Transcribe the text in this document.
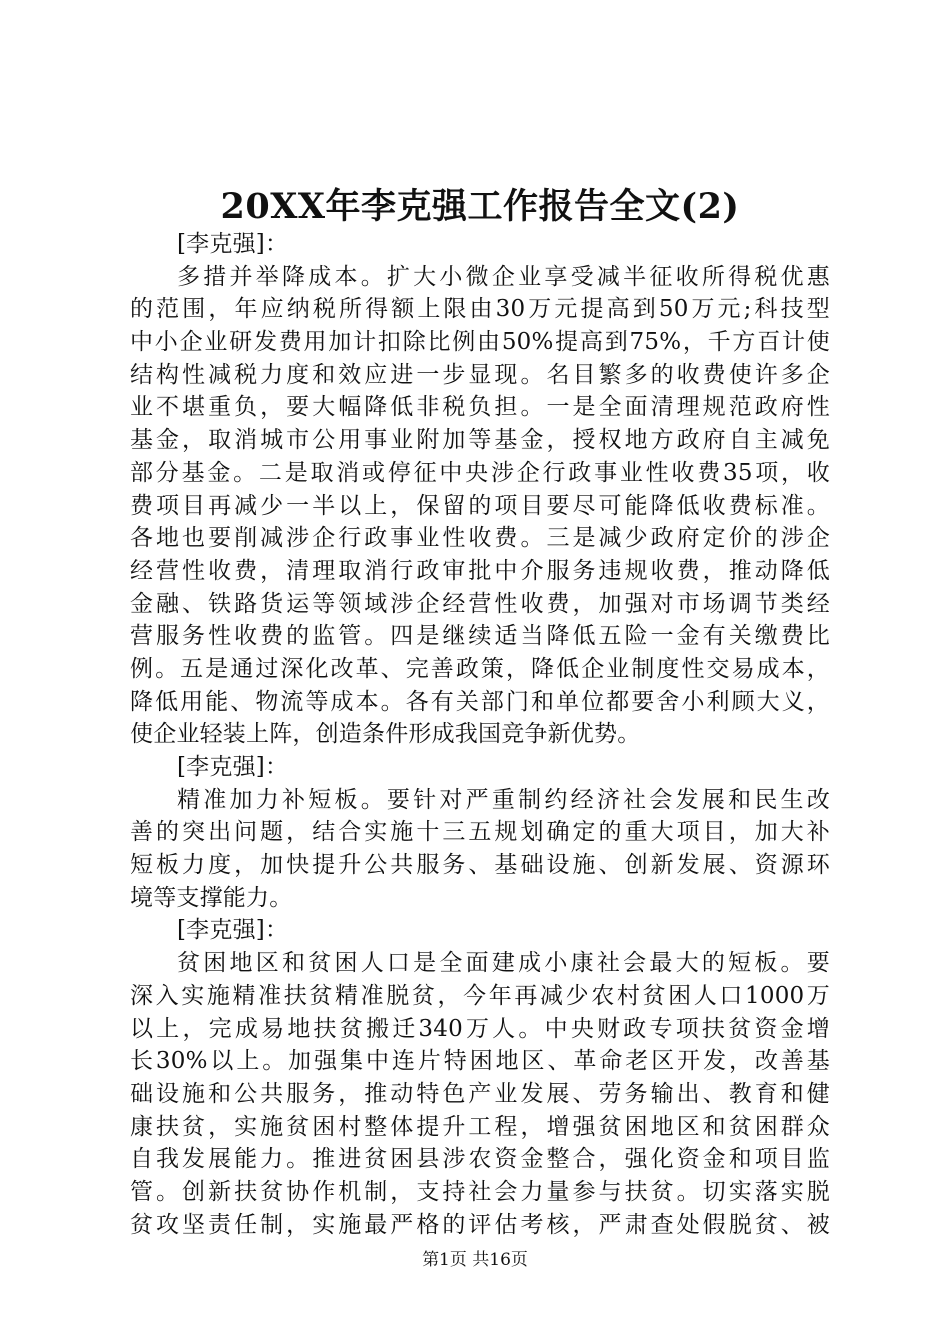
20XX年李克强工作报告全文(2)
[李克强]：
多措并举降成本。扩大小微企业享受减半征收所得税优惠
的范围，年应纳税所得额上限由30万元提高到50万元;科技型
中小企业研发费用加计扣除比例由50%提高到75%，千方百计使
结构性减税力度和效应进一步显现。名目繁多的收费使许多企
业不堪重负，要大幅降低非税负担。一是全面清理规范政府性
基金，取消城市公用事业附加等基金，授权地方政府自主减免
部分基金。二是取消或停征中央涉企行政事业性收费35项，收
费项目再减少一半以上，保留的项目要尽可能降低收费标准。
各地也要削减涉企行政事业性收费。三是减少政府定价的涉企
经营性收费，清理取消行政审批中介服务违规收费，推动降低
金融、铁路货运等领域涉企经营性收费，加强对市场调节类经
营服务性收费的监管。四是继续适当降低五险一金有关缴费比
例。五是通过深化改革、完善政策，降低企业制度性交易成本，
降低用能、物流等成本。各有关部门和单位都要舍小利顾大义，
使企业轻装上阵，创造条件形成我国竞争新优势。
[李克强]：
精准加力补短板。要针对严重制约经济社会发展和民生改
善的突出问题，结合实施十三五规划确定的重大项目，加大补
短板力度，加快提升公共服务、基础设施、创新发展、资源环
境等支撑能力。
[李克强]：
贫困地区和贫困人口是全面建成小康社会最大的短板。要
深入实施精准扶贫精准脱贫，今年再减少农村贫困人口1000万
以上，完成易地扶贫搬迁340万人。中央财政专项扶贫资金增
长30%以上。加强集中连片特困地区、革命老区开发，改善基
础设施和公共服务，推动特色产业发展、劳务输出、教育和健
康扶贫，实施贫困村整体提升工程，增强贫困地区和贫困群众
自我发展能力。推进贫困县涉农资金整合，强化资金和项目监
管。创新扶贫协作机制，支持社会力量参与扶贫。切实落实脱
贫攻坚责任制，实施最严格的评估考核，严肃查处假脱贫、被
第1页 共16页
